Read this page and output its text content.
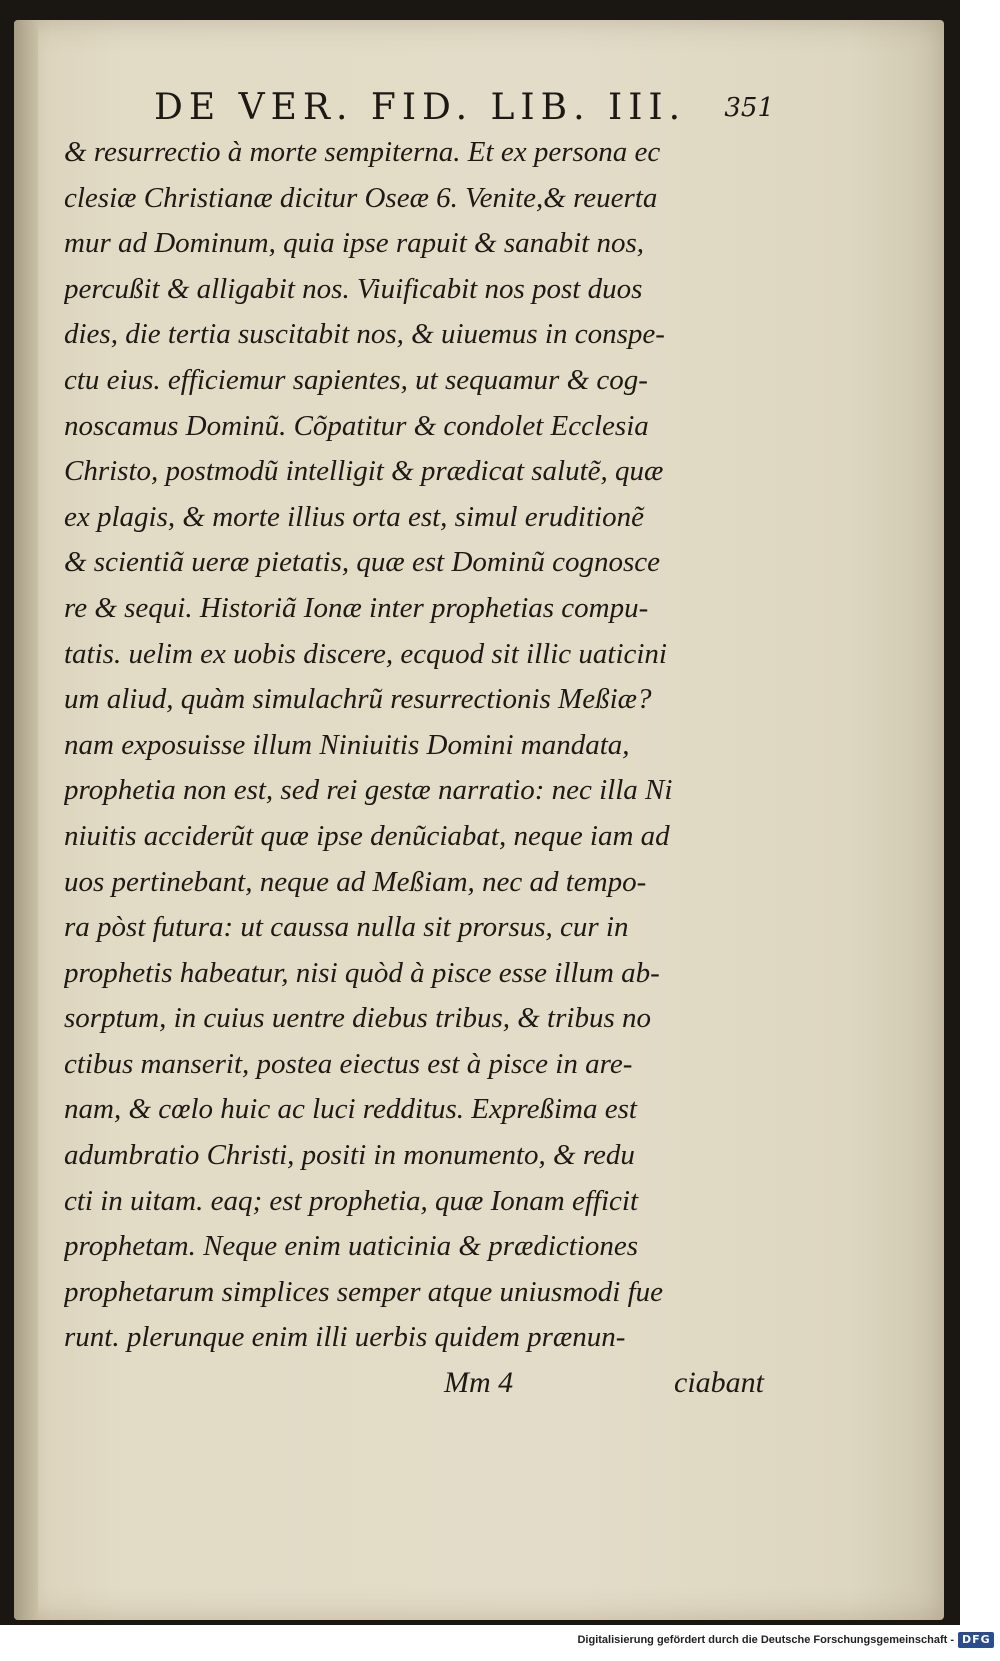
DE VER. FID. LIB. III. 351
& resurrectio à morte sempiterna. Et ex persona ec
clesiæ Christianæ dicitur Oseæ 6. Venite,& reuerta
mur ad Dominum, quia ipse rapuit & sanabit nos,
percußit & alligabit nos. Viuificabit nos post duos
dies, die tertia suscitabit nos, & uiuemus in conspe-
ctu eius. efficiemur sapientes, ut sequamur & cog-
noscamus Dominũ. Cõpatitur & condolet Ecclesia
Christo, postmodũ intelligit & prædicat salutẽ, quæ
ex plagis, & morte illius orta est, simul eruditionẽ
& scientiã ueræ pietatis, quæ est Dominũ cognosce
re & sequi. Historiã Ionæ inter prophetias compu-
tatis. uelim ex uobis discere, ecquod sit illic uaticini
um aliud, quàm simulachrũ resurrectionis Meßiæ?
nam exposuisse illum Niniuitis Domini mandata,
prophetia non est, sed rei gestæ narratio: nec illa Ni
niuitis acciderũt quæ ipse denũciabat, neque iam ad
uos pertinebant, neque ad Meßiam, nec ad tempo-
ra pòst futura: ut caussa nulla sit prorsus, cur in
prophetis habeatur, nisi quòd à pisce esse illum ab-
sorptum, in cuius uentre diebus tribus, & tribus no
ctibus manserit, postea eiectus est à pisce in are-
nam, & cœlo huic ac luci redditus. Expreßima est
adumbratio Christi, positi in monumento, & redu
cti in uitam. eaq; est prophetia, quæ Ionam efficit
prophetam. Neque enim uaticinia & prædictiones
prophetarum simplices semper atque uniusmodi fue
runt. plerunque enim illi uerbis quidem prænun-
Mm 4	ciabant
Digitalisierung gefördert durch die Deutsche Forschungsgemeinschaft - DFG
